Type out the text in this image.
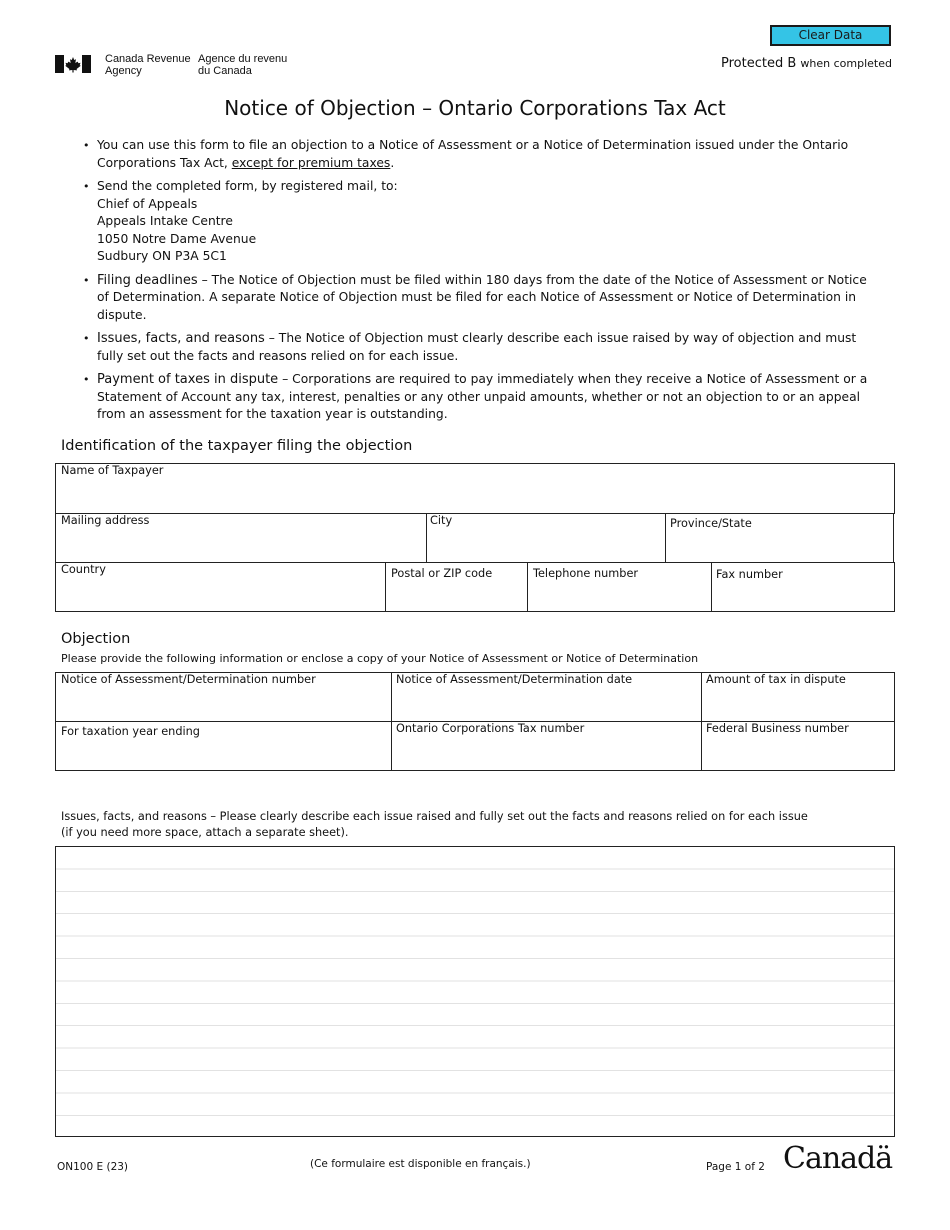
Canada Revenue
Agency
Agence du revenu
du Canada
Clear Data
Protected B when completed
Notice of Objection – Ontario Corporations Tax Act
• You can use this form to file an objection to a Notice of Assessment or a Notice of Determination issued under the Ontario Corporations Tax Act, except for premium taxes.
• Send the completed form, by registered mail, to:
Chief of Appeals
Appeals Intake Centre
1050 Notre Dame Avenue
Sudbury ON P3A 5C1
• Filing deadlines – The Notice of Objection must be filed within 180 days from the date of the Notice of Assessment or Notice of Determination. A separate Notice of Objection must be filed for each Notice of Assessment or Notice of Determination in dispute.
• Issues, facts, and reasons – The Notice of Objection must clearly describe each issue raised by way of objection and must fully set out the facts and reasons relied on for each issue.
• Payment of taxes in dispute – Corporations are required to pay immediately when they receive a Notice of Assessment or a Statement of Account any tax, interest, penalties or any other unpaid amounts, whether or not an objection to or an appeal from an assessment for the taxation year is outstanding.
Identification of the taxpayer filing the objection
Name of Taxpayer
Mailing address	City	Province/State
Country	Postal or ZIP code	Telephone number	Fax number
Objection
Please provide the following information or enclose a copy of your Notice of Assessment or Notice of Determination
Notice of Assessment/Determination number	Notice of Assessment/Determination date	Amount of tax in dispute
For taxation year ending	Ontario Corporations Tax number	Federal Business number
Issues, facts, and reasons – Please clearly describe each issue raised and fully set out the facts and reasons relied on for each issue
(if you need more space, attach a separate sheet).
ON100 E (23)	(Ce formulaire est disponible en français.)	Page 1 of 2 Canadä
